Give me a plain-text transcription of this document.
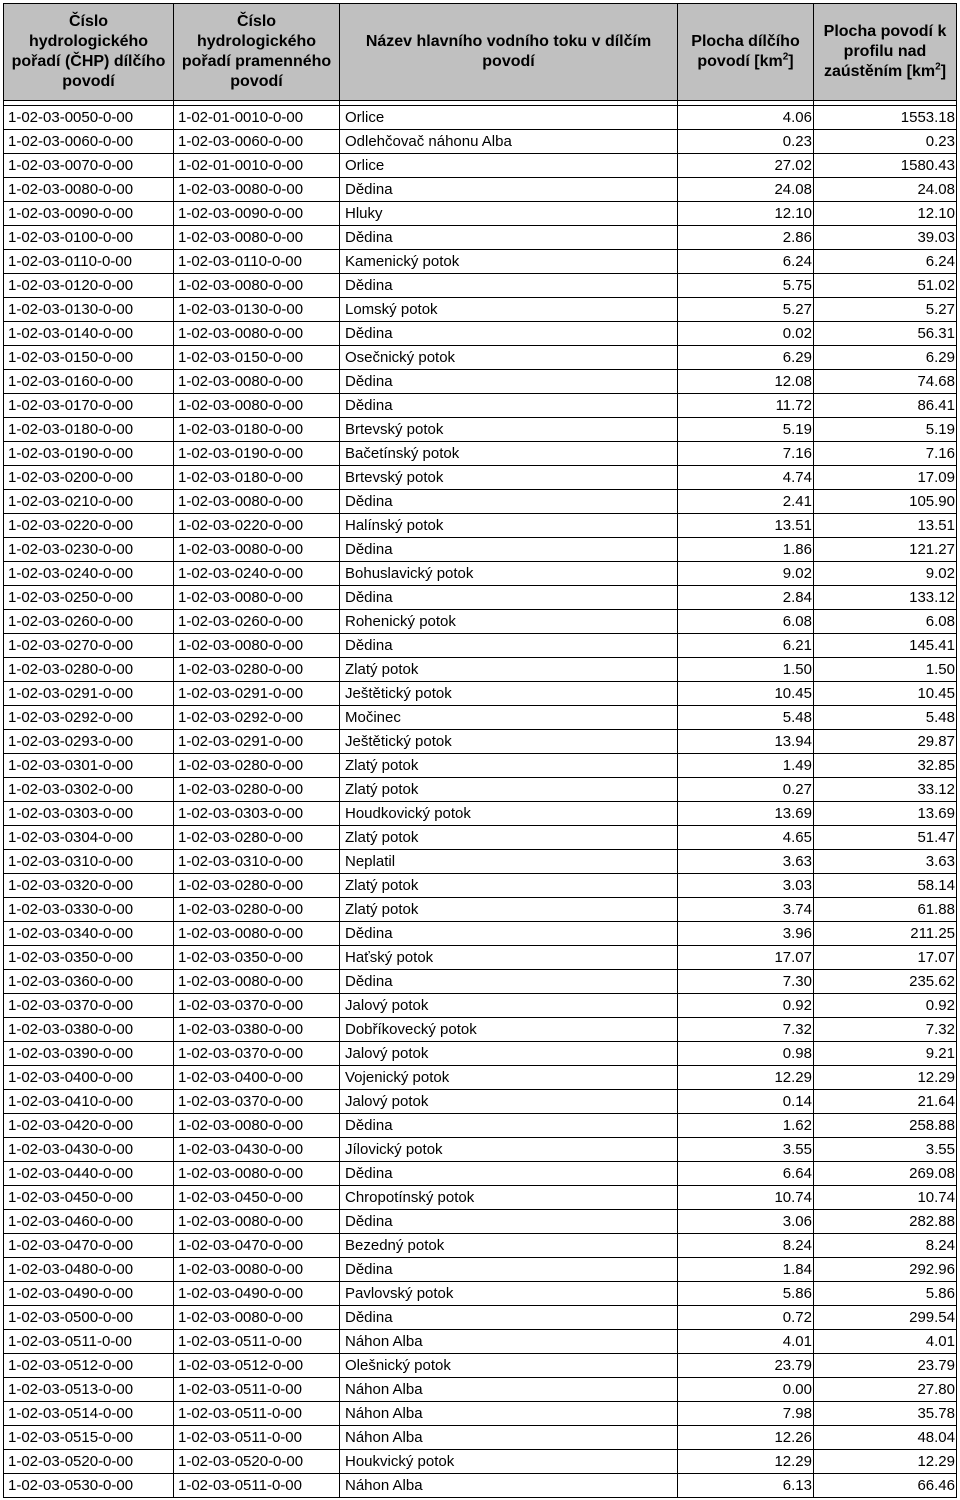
Číslo
hydrologického
pořadí (ČHP) dílčího
povodí	Číslo
hydrologického
pořadí pramenného
povodí	Název hlavního vodního toku v dílčím
povodí	Plocha dílčího
povodí $[km^2]$	Plocha povodí k
profilu nad
zaústěním $[km^2]$

1-02-03-0050-0-00	1-02-01-0010-0-00	Orlice	4.06	1553.18
1-02-03-0060-0-00	1-02-03-0060-0-00	Odlehčovač náhonu Alba	0.23	0.23
1-02-03-0070-0-00	1-02-01-0010-0-00	Orlice	27.02	1580.43
1-02-03-0080-0-00	1-02-03-0080-0-00	Dědina	24.08	24.08
1-02-03-0090-0-00	1-02-03-0090-0-00	Hluky	12.10	12.10
1-02-03-0100-0-00	1-02-03-0080-0-00	Dědina	2.86	39.03
1-02-03-0110-0-00	1-02-03-0110-0-00	Kamenický potok	6.24	6.24
1-02-03-0120-0-00	1-02-03-0080-0-00	Dědina	5.75	51.02
1-02-03-0130-0-00	1-02-03-0130-0-00	Lomský potok	5.27	5.27
1-02-03-0140-0-00	1-02-03-0080-0-00	Dědina	0.02	56.31
1-02-03-0150-0-00	1-02-03-0150-0-00	Osečnický potok	6.29	6.29
1-02-03-0160-0-00	1-02-03-0080-0-00	Dědina	12.08	74.68
1-02-03-0170-0-00	1-02-03-0080-0-00	Dědina	11.72	86.41
1-02-03-0180-0-00	1-02-03-0180-0-00	Brtevský potok	5.19	5.19
1-02-03-0190-0-00	1-02-03-0190-0-00	Bačetínský potok	7.16	7.16
1-02-03-0200-0-00	1-02-03-0180-0-00	Brtevský potok	4.74	17.09
1-02-03-0210-0-00	1-02-03-0080-0-00	Dědina	2.41	105.90
1-02-03-0220-0-00	1-02-03-0220-0-00	Halínský potok	13.51	13.51
1-02-03-0230-0-00	1-02-03-0080-0-00	Dědina	1.86	121.27
1-02-03-0240-0-00	1-02-03-0240-0-00	Bohuslavický potok	9.02	9.02
1-02-03-0250-0-00	1-02-03-0080-0-00	Dědina	2.84	133.12
1-02-03-0260-0-00	1-02-03-0260-0-00	Rohenický potok	6.08	6.08
1-02-03-0270-0-00	1-02-03-0080-0-00	Dědina	6.21	145.41
1-02-03-0280-0-00	1-02-03-0280-0-00	Zlatý potok	1.50	1.50
1-02-03-0291-0-00	1-02-03-0291-0-00	Ještětický potok	10.45	10.45
1-02-03-0292-0-00	1-02-03-0292-0-00	Močinec	5.48	5.48
1-02-03-0293-0-00	1-02-03-0291-0-00	Ještětický potok	13.94	29.87
1-02-03-0301-0-00	1-02-03-0280-0-00	Zlatý potok	1.49	32.85
1-02-03-0302-0-00	1-02-03-0280-0-00	Zlatý potok	0.27	33.12
1-02-03-0303-0-00	1-02-03-0303-0-00	Houdkovický potok	13.69	13.69
1-02-03-0304-0-00	1-02-03-0280-0-00	Zlatý potok	4.65	51.47
1-02-03-0310-0-00	1-02-03-0310-0-00	Neplatil	3.63	3.63
1-02-03-0320-0-00	1-02-03-0280-0-00	Zlatý potok	3.03	58.14
1-02-03-0330-0-00	1-02-03-0280-0-00	Zlatý potok	3.74	61.88
1-02-03-0340-0-00	1-02-03-0080-0-00	Dědina	3.96	211.25
1-02-03-0350-0-00	1-02-03-0350-0-00	Haťský potok	17.07	17.07
1-02-03-0360-0-00	1-02-03-0080-0-00	Dědina	7.30	235.62
1-02-03-0370-0-00	1-02-03-0370-0-00	Jalový potok	0.92	0.92
1-02-03-0380-0-00	1-02-03-0380-0-00	Dobříkovecký potok	7.32	7.32
1-02-03-0390-0-00	1-02-03-0370-0-00	Jalový potok	0.98	9.21
1-02-03-0400-0-00	1-02-03-0400-0-00	Vojenický potok	12.29	12.29
1-02-03-0410-0-00	1-02-03-0370-0-00	Jalový potok	0.14	21.64
1-02-03-0420-0-00	1-02-03-0080-0-00	Dědina	1.62	258.88
1-02-03-0430-0-00	1-02-03-0430-0-00	Jílovický potok	3.55	3.55
1-02-03-0440-0-00	1-02-03-0080-0-00	Dědina	6.64	269.08
1-02-03-0450-0-00	1-02-03-0450-0-00	Chropotínský potok	10.74	10.74
1-02-03-0460-0-00	1-02-03-0080-0-00	Dědina	3.06	282.88
1-02-03-0470-0-00	1-02-03-0470-0-00	Bezedný potok	8.24	8.24
1-02-03-0480-0-00	1-02-03-0080-0-00	Dědina	1.84	292.96
1-02-03-0490-0-00	1-02-03-0490-0-00	Pavlovský potok	5.86	5.86
1-02-03-0500-0-00	1-02-03-0080-0-00	Dědina	0.72	299.54
1-02-03-0511-0-00	1-02-03-0511-0-00	Náhon Alba	4.01	4.01
1-02-03-0512-0-00	1-02-03-0512-0-00	Olešnický potok	23.79	23.79
1-02-03-0513-0-00	1-02-03-0511-0-00	Náhon Alba	0.00	27.80
1-02-03-0514-0-00	1-02-03-0511-0-00	Náhon Alba	7.98	35.78
1-02-03-0515-0-00	1-02-03-0511-0-00	Náhon Alba	12.26	48.04
1-02-03-0520-0-00	1-02-03-0520-0-00	Houkvický potok	12.29	12.29
1-02-03-0530-0-00	1-02-03-0511-0-00	Náhon Alba	6.13	66.46
